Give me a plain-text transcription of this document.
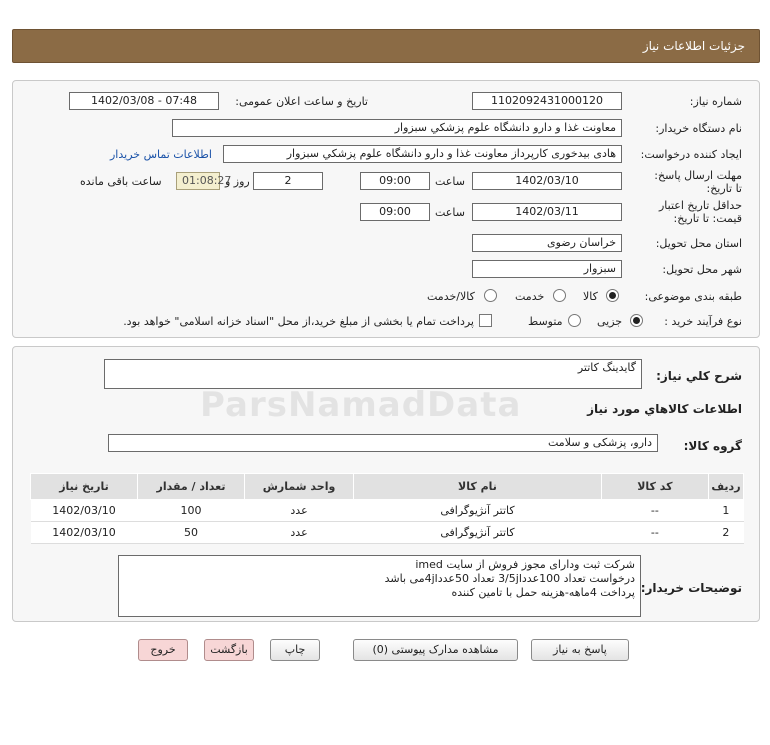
جزئیات اطلاعات نیاز
شماره نیاز:
1102092431000120
تاریخ و ساعت اعلان عمومی:
1402/03/08 - 07:48
نام دستگاه خریدار:
معاونت غذا و دارو دانشگاه علوم پزشکي سبزوار
ایجاد کننده درخواست:
هادی بیدخوری کارپرداز معاونت غذا و دارو دانشگاه علوم پزشکي سبزوار
اطلاعات تماس خریدار
مهلت ارسال پاسخ: تا تاریخ:
1402/03/10
ساعت
09:00
2
روز و
01:08:27
ساعت باقی مانده
حداقل تاریخ اعتبار قیمت: تا تاریخ:
1402/03/11
ساعت
09:00
استان محل تحویل:
خراسان رضوی
شهر محل تحویل:
سبزوار
طبقه بندی موضوعی:
کالا
خدمت
کالا/خدمت
نوع فرآیند خرید :
جزیی
متوسط
پرداخت تمام یا بخشی از مبلغ خرید،از محل "اسناد خزانه اسلامی" خواهد بود.
شرح کلي نياز:
گایدینگ کاتتر
اطلاعات کالاهاي مورد نياز
گروه کالا:
دارو، پزشکی و سلامت
ParsNamadData
ردیف	کد کالا	نام کالا	واحد شمارش	تعداد / مقدار	تاریخ نیاز
1	--	کاتتر آنژیوگرافی	عدد	100	1402/03/10
2	--	کاتتر آنژیوگرافی	عدد	50	1402/03/10
توضیحات خریدار:
شرکت ثبت ودارای مجوز فروش از سایت imed
درخواست تعداد 100عدد3/5jl تعداد 50عدد4jlمی باشد
پرداخت 4ماهه-هزینه حمل با تامین کننده
پاسخ به نیاز
مشاهده مدارک پیوستی (0)
چاپ
بازگشت
خروج
